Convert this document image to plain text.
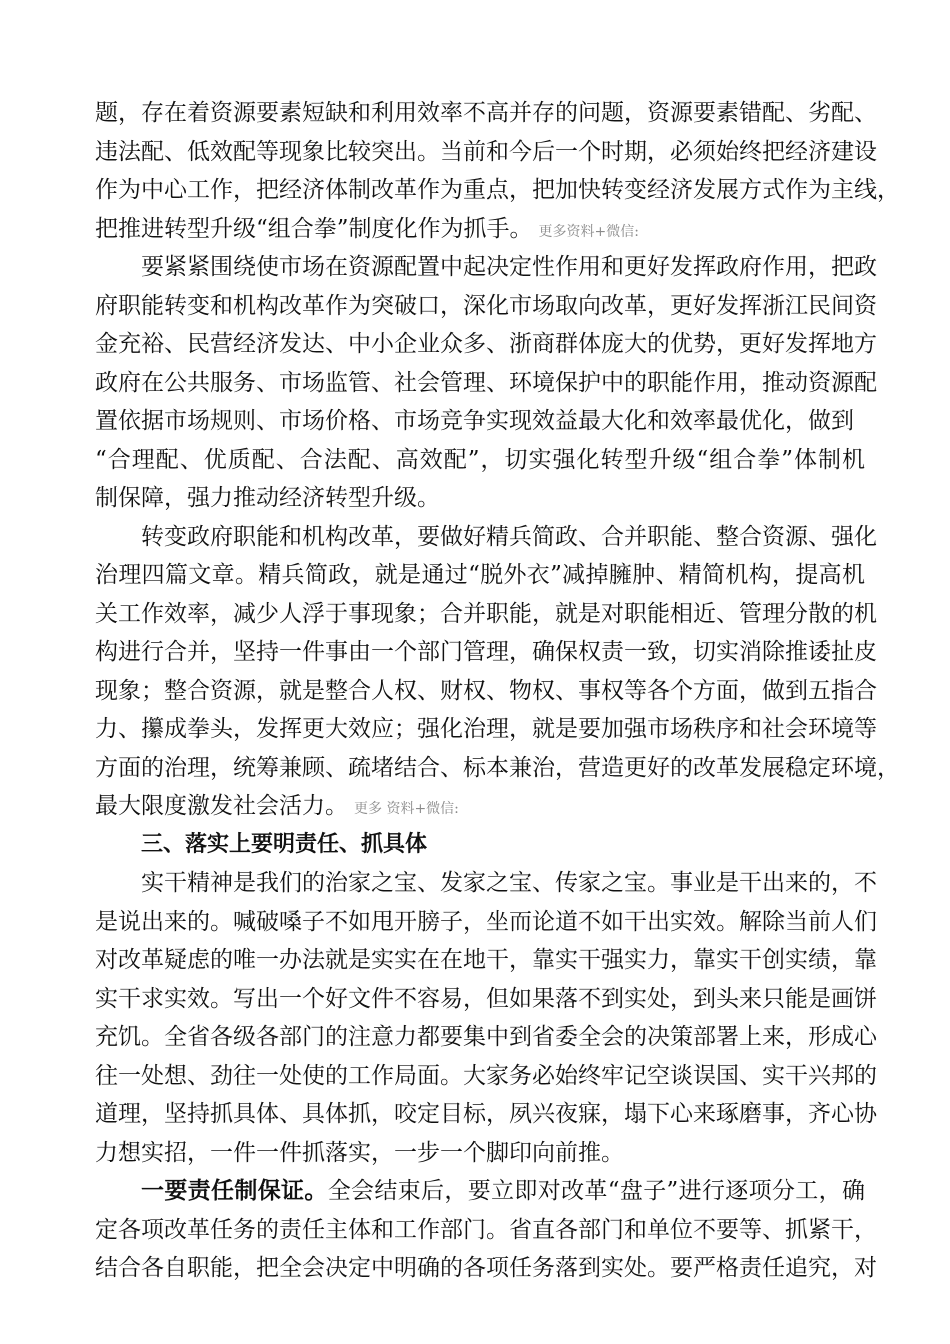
题，存在着资源要素短缺和利用效率不高并存的问题，资源要素错配、劣配、
违法配、低效配等现象比较突出。当前和今后一个时期，必须始终把经济建设
作为中心工作，把经济体制改革作为重点，把加快转变经济发展方式作为主线，
把推进转型升级“组合拳”制度化作为抓手。 更多资料+微信:
要紧紧围绕使市场在资源配置中起决定性作用和更好发挥政府作用，把政
府职能转变和机构改革作为突破口，深化市场取向改革，更好发挥浙江民间资
金充裕、民营经济发达、中小企业众多、浙商群体庞大的优势，更好发挥地方
政府在公共服务、市场监管、社会管理、环境保护中的职能作用，推动资源配
置依据市场规则、市场价格、市场竞争实现效益最大化和效率最优化，做到
“合理配、优质配、合法配、高效配”，切实强化转型升级“组合拳”体制机
制保障，强力推动经济转型升级。
转变政府职能和机构改革，要做好精兵简政、合并职能、整合资源、强化
治理四篇文章。精兵简政，就是通过“脱外衣”减掉臃肿、精简机构，提高机
关工作效率，减少人浮于事现象；合并职能，就是对职能相近、管理分散的机
构进行合并，坚持一件事由一个部门管理，确保权责一致，切实消除推诿扯皮
现象；整合资源，就是整合人权、财权、物权、事权等各个方面，做到五指合
力、攥成拳头，发挥更大效应；强化治理，就是要加强市场秩序和社会环境等
方面的治理，统筹兼顾、疏堵结合、标本兼治，营造更好的改革发展稳定环境，
最大限度激发社会活力。 更多 资料+微信:
三、落实上要明责任、抓具体
实干精神是我们的治家之宝、发家之宝、传家之宝。事业是干出来的，不
是说出来的。喊破嗓子不如甩开膀子，坐而论道不如干出实效。解除当前人们
对改革疑虑的唯一办法就是实实在在地干，靠实干强实力，靠实干创实绩，靠
实干求实效。写出一个好文件不容易，但如果落不到实处，到头来只能是画饼
充饥。全省各级各部门的注意力都要集中到省委全会的决策部署上来，形成心
往一处想、劲往一处使的工作局面。大家务必始终牢记空谈误国、实干兴邦的
道理，坚持抓具体、具体抓，咬定目标，夙兴夜寐，塌下心来琢磨事，齐心协
力想实招，一件一件抓落实，一步一个脚印向前推。
一要责任制保证。全会结束后，要立即对改革“盘子”进行逐项分工，确
定各项改革任务的责任主体和工作部门。省直各部门和单位不要等、抓紧干，
结合各自职能，把全会决定中明确的各项任务落到实处。要严格责任追究，对
